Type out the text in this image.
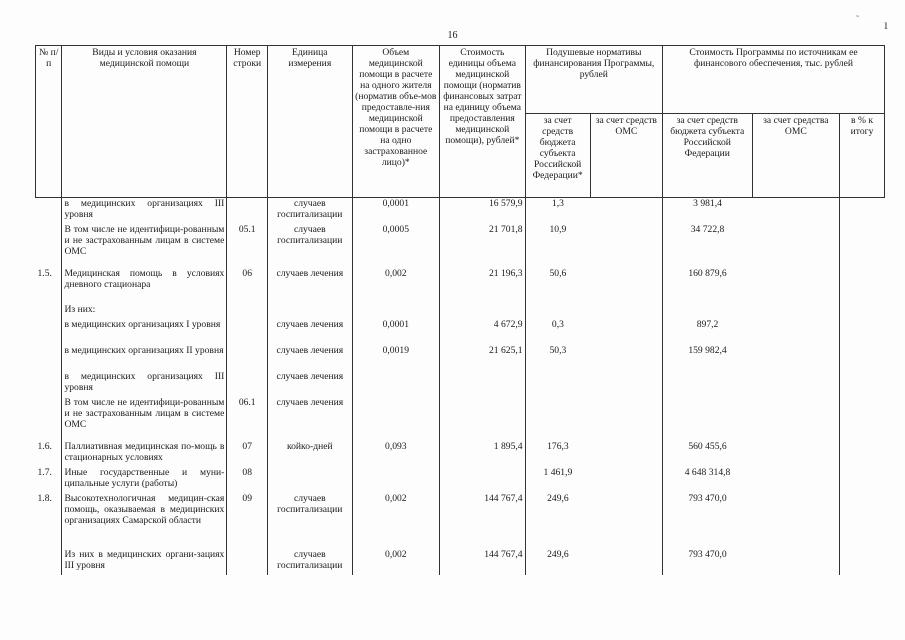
16
˜ ı
№ п/п	Виды и условия оказания медицинской помощи	Номер строки	Единица измерения	Объем медицинской помощи в расчете на одного жителя (норматив объе-мов предоставле-ния медицинской помощи в расчете на одно застрахованное лицо)*	Стоимость единицы объема медицинской помощи (норматив финансовых затрат на единицу объема предоставления медицинской помощи), рублей*	Подушевые нормативы финансирования Программы, рублей		Стоимость Программы по источникам ее финансового обеспечения, тыс. рублей		
						за счет средств бюджета субъекта Российской Федерации*	за счет средств ОМС	за счет средств бюджета субъекта Российской Федерации	за счет средства ОМС	в % к итогу
	в медицинских организациях III уровня		случаев госпитализации	0,0001	16 579,9	1,3		3 981,4		
	В том числе не идентифици-рованным и не застрахованным лицам в системе ОМС	05.1	случаев госпитализации	0,0005	21 701,8	10,9		34 722,8		
1.5.	Медицинская помощь в условиях дневного стационара	06	случаев лечения	0,002	21 196,3	50,6		160 879,6		
	Из них:									
	в медицинских организациях I уровня		случаев лечения	0,0001	4 672,9	0,3		897,2		
	в медицинских организациях II уровня		случаев лечения	0,0019	21 625,1	50,3		159 982,4		
	в медицинских организациях III уровня		случаев лечения							
	В том числе не идентифици-рованным и не застрахованным лицам в системе ОМС	06.1	случаев лечения							
1.6.	Паллиативная медицинская по-мощь в стационарных условиях	07	койко-дней	0,093	1 895,4	176,3		560 455,6		
1.7.	Иные государственные и муни-ципальные услуги (работы)	08				1 461,9		4 648 314,8		
1.8.	Высокотехнологичная медицин-ская помощь, оказываемая в медицинских организациях Самарской области	09	случаев госпитализации	0,002	144 767,4	249,6		793 470,0		
	Из них в медицинских органи-зациях III уровня		случаев госпитализации	0,002	144 767,4	249,6		793 470,0		
